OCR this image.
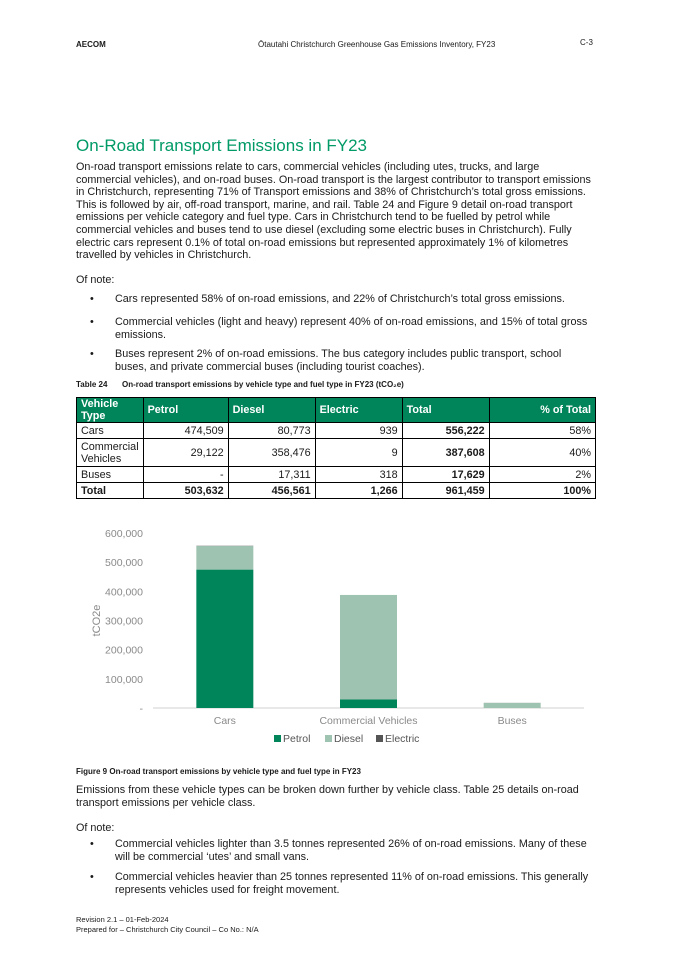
AECOM	Ōtautahi Christchurch Greenhouse Gas Emissions Inventory, FY23	C-3
On-Road Transport Emissions in FY23

On-road transport emissions relate to cars, commercial vehicles (including utes, trucks, and large commercial vehicles), and on-road buses. On-road transport is the largest contributor to transport emissions in Christchurch, representing 71% of Transport emissions and 38% of Christchurch’s total gross emissions. This is followed by air, off-road transport, marine, and rail. Table 24 and Figure 9 detail on-road transport emissions per vehicle category and fuel type. Cars in Christchurch tend to be fuelled by petrol while commercial vehicles and buses tend to use diesel (excluding some electric buses in Christchurch). Fully electric cars represent 0.1% of total on-road emissions but represented approximately 1% of kilometres travelled by vehicles in Christchurch.

Of note:

• Cars represented 58% of on-road emissions, and 22% of Christchurch’s total gross emissions.
• Commercial vehicles (light and heavy) represent 40% of on-road emissions, and 15% of total gross emissions.
• Buses represent 2% of on-road emissions. The bus category includes public transport, school buses, and private commercial buses (including tourist coaches).
Table 24 On-road transport emissions by vehicle type and fuel type in FY23 (tCO₂e)
Vehicle Type	Petrol	Diesel	Electric	Total	% of Total
Cars	474,509	80,773	939	556,222	58%
Commercial Vehicles	29,122	358,476	9	387,608	40%
Buses	-	17,311	318	17,629	2%
Total	503,632	456,561	1,266	961,459	100%
-
100,000
200,000
300,000
400,000
500,000
600,000
tCO2e
Cars	Commercial Vehicles	Buses
Petrol Diesel Electric
Figure 9 On-road transport emissions by vehicle type and fuel type in FY23

Emissions from these vehicle types can be broken down further by vehicle class. Table 25 details on-road transport emissions per vehicle class.

Of note:

• Commercial vehicles lighter than 3.5 tonnes represented 26% of on-road emissions. Many of these will be commercial ‘utes’ and small vans.
• Commercial vehicles heavier than 25 tonnes represented 11% of on-road emissions. This generally represents vehicles used for freight movement.
Revision 2.1 – 01-Feb-2024
Prepared for – Christchurch City Council – Co No.: N/A
